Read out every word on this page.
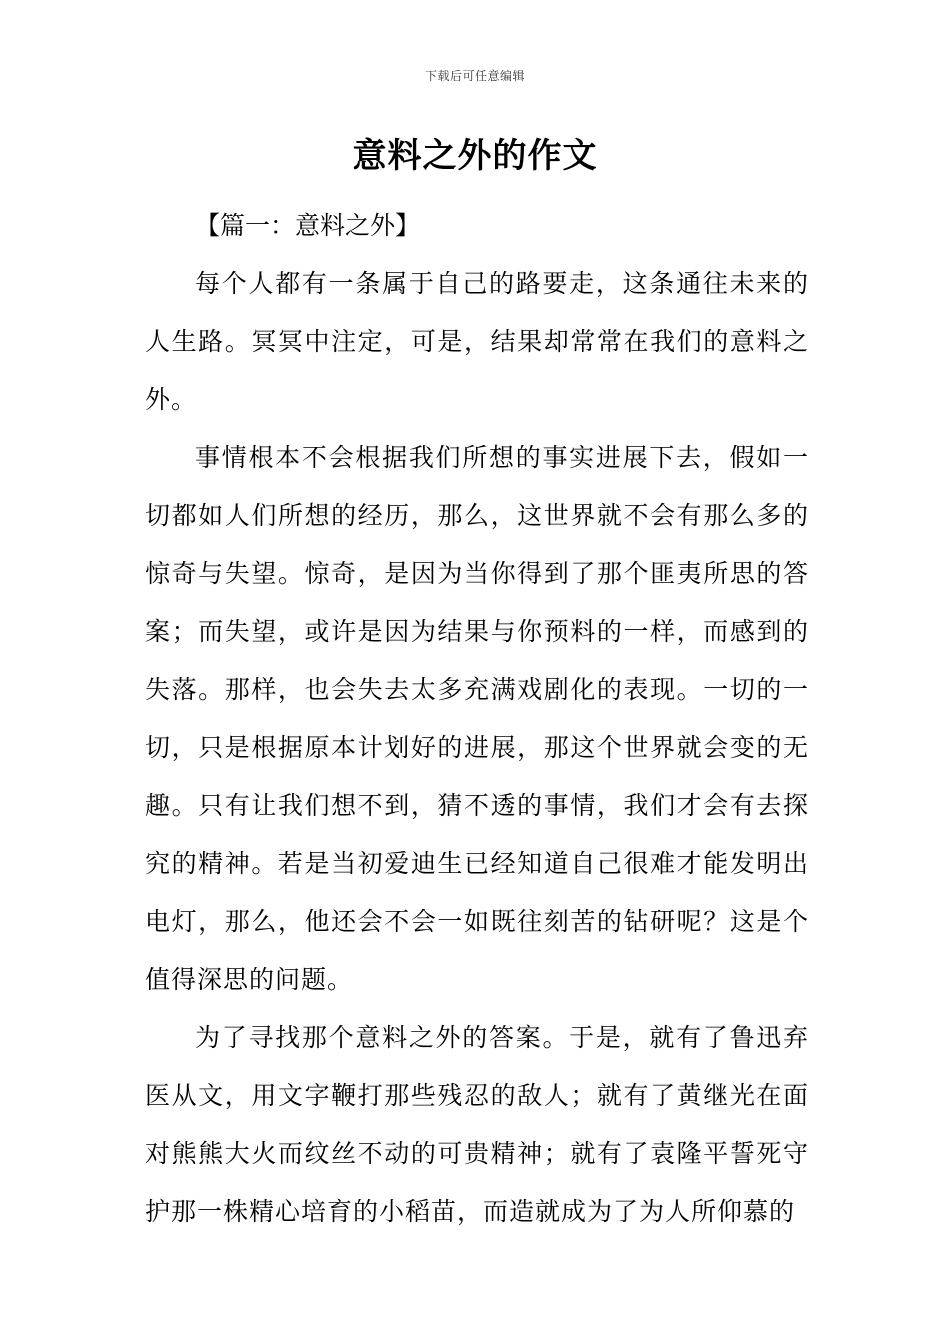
下载后可任意编辑
意料之外的作文

【篇一：意料之外】

每个人都有一条属于自己的路要走，这条通往未来的人生路。冥冥中注定，可是，结果却常常在我们的意料之外。

事情根本不会根据我们所想的事实进展下去，假如一切都如人们所想的经历，那么，这世界就不会有那么多的惊奇与失望。惊奇，是因为当你得到了那个匪夷所思的答案；而失望，或许是因为结果与你预料的一样，而感到的失落。那样，也会失去太多充满戏剧化的表现。一切的一切，只是根据原本计划好的进展，那这个世界就会变的无趣。只有让我们想不到，猜不透的事情，我们才会有去探究的精神。若是当初爱迪生已经知道自己很难才能发明出电灯，那么，他还会不会一如既往刻苦的钻研呢？这是个值得深思的问题。

为了寻找那个意料之外的答案。于是，就有了鲁迅弃医从文，用文字鞭打那些残忍的敌人；就有了黄继光在面对熊熊大火而纹丝不动的可贵精神；就有了袁隆平誓死守护那一株精心培育的小稻苗，而造就成为了为人所仰慕的
